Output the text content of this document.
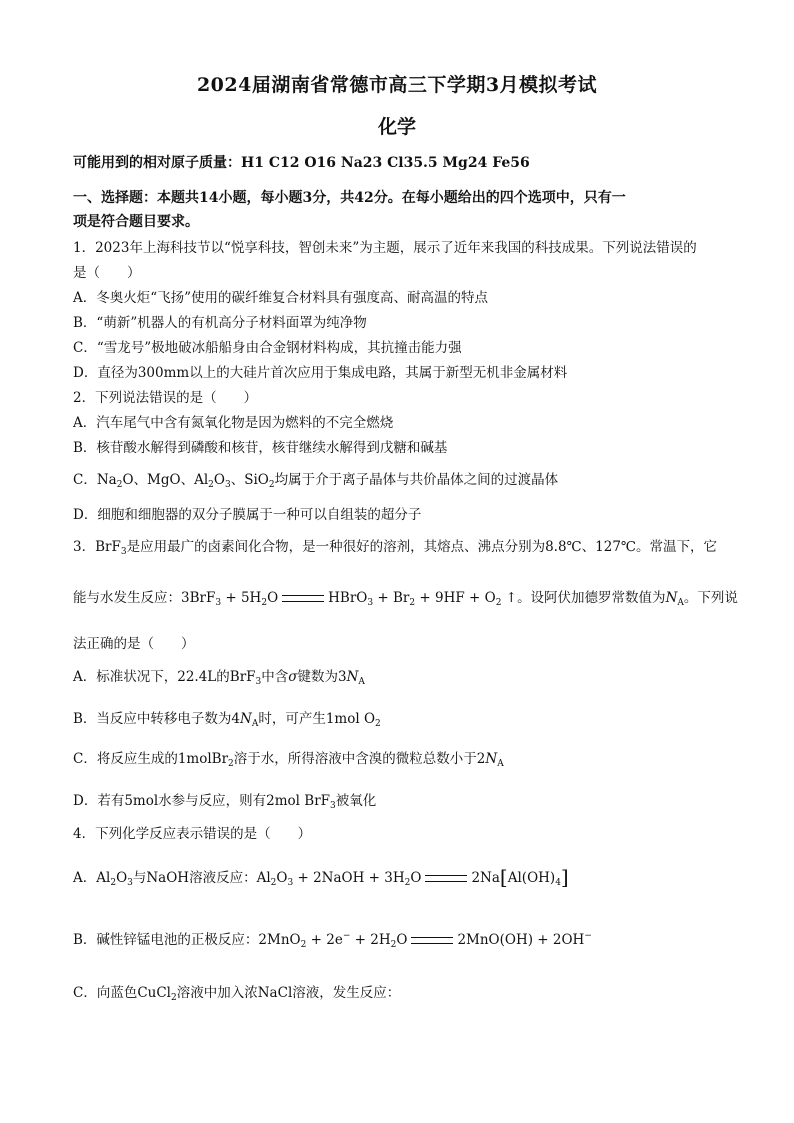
2024届湖南省常德市高三下学期3月模拟考试
化学
可能用到的相对原子质量：H1 C12 O16 Na23 Cl35.5 Mg24 Fe56
一、选择题：本题共14小题，每小题3分，共42分。在每小题给出的四个选项中，只有一
项是符合题目要求。
1．2023年上海科技节以“悦享科技，智创未来”为主题，展示了近年来我国的科技成果。下列说法错误的
是（　　）
A．冬奥火炬“飞扬”使用的碳纤维复合材料具有强度高、耐高温的特点
B．“萌新”机器人的有机高分子材料面罩为纯净物
C．“雪龙号”极地破冰船船身由合金钢材料构成，其抗撞击能力强
D．直径为300mm以上的大硅片首次应用于集成电路，其属于新型无机非金属材料
2．下列说法错误的是（　　）
A．汽车尾气中含有氮氧化物是因为燃料的不完全燃烧
B．核苷酸水解得到磷酸和核苷，核苷继续水解得到戊糖和碱基
C．$Na_2O$、MgO、$Al_2O_3$、SiO$_2$均属于介于离子晶体与共价晶体之间的过渡晶体
D．细胞和细胞器的双分子膜属于一种可以自组装的超分子
3．BrF$_3$是应用最广的卤素间化合物，是一种很好的溶剂，其熔点、沸点分别为8.8℃、127℃。常温下，它
能与水发生反应：$3BrF_3 + 5H_2O$	HBrO$_3$ + $Br_2 + 9HF + O_2$ ↑。设阿伏加德罗常数值为$N_A$。下列说
法正确的是（　　）
A．标准状况下，22.4L的BrF$_3$中含σ键数为$3N_A$
B．当反应中转移电子数为$4N_A$时，可产生1mol $O_2$
C．将反应生成的1molBr$_2$溶于水，所得溶液中含溴的微粒总数小于$2N_A$
D．若有5mol水参与反应，则有2mol BrF$_3$被氧化
4．下列化学反应表示错误的是（　　）
A．$Al_2O_3$与NaOH溶液反应：$Al_2O_3$ + 2NaOH + $3H_2O$	$2Na[Al(OH)_4]$
B．碱性锌锰电池的正极反应：$2MnO_2 + 2e^- + 2H_2O$	2MnO(OH) + 2OH−
C．向蓝色CuCl$_2$溶液中加入浓NaCl溶液，发生反应：
